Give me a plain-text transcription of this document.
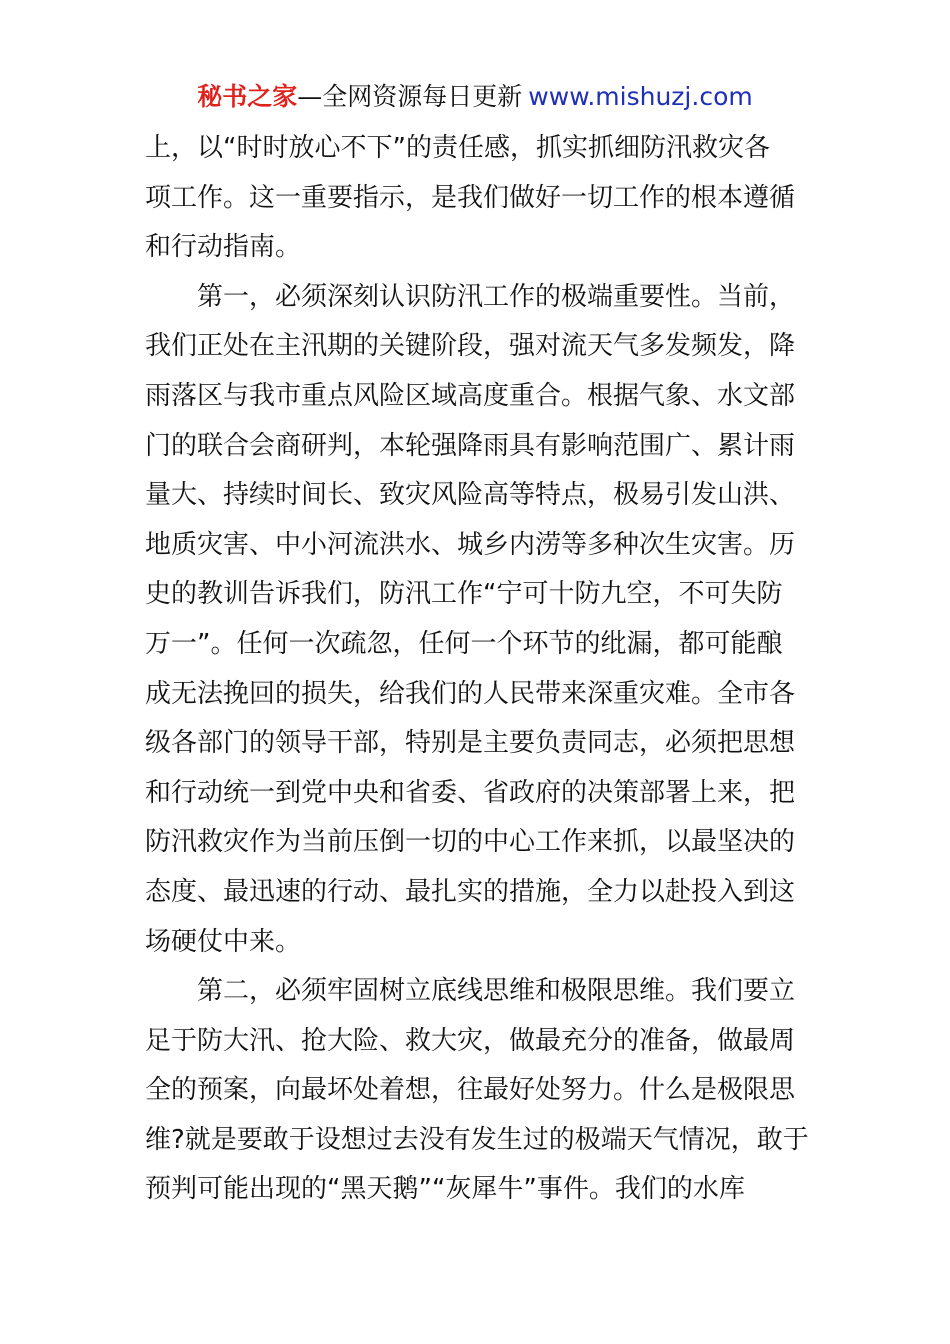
秘书之家—全网资源每日更新 www.mishuzj.com
上，以“时时放心不下”的责任感，抓实抓细防汛救灾各
项工作。这一重要指示，是我们做好一切工作的根本遵循
和行动指南。
第一，必须深刻认识防汛工作的极端重要性。当前，
我们正处在主汛期的关键阶段，强对流天气多发频发，降
雨落区与我市重点风险区域高度重合。根据气象、水文部
门的联合会商研判，本轮强降雨具有影响范围广、累计雨
量大、持续时间长、致灾风险高等特点，极易引发山洪、
地质灾害、中小河流洪水、城乡内涝等多种次生灾害。历
史的教训告诉我们，防汛工作“宁可十防九空，不可失防
万一”。任何一次疏忽，任何一个环节的纰漏，都可能酿
成无法挽回的损失，给我们的人民带来深重灾难。全市各
级各部门的领导干部，特别是主要负责同志，必须把思想
和行动统一到党中央和省委、省政府的决策部署上来，把
防汛救灾作为当前压倒一切的中心工作来抓，以最坚决的
态度、最迅速的行动、最扎实的措施，全力以赴投入到这
场硬仗中来。
第二，必须牢固树立底线思维和极限思维。我们要立
足于防大汛、抢大险、救大灾，做最充分的准备，做最周
全的预案，向最坏处着想，往最好处努力。什么是极限思
维?就是要敢于设想过去没有发生过的极端天气情况，敢于
预判可能出现的“黑天鹅”“灰犀牛”事件。我们的水库
